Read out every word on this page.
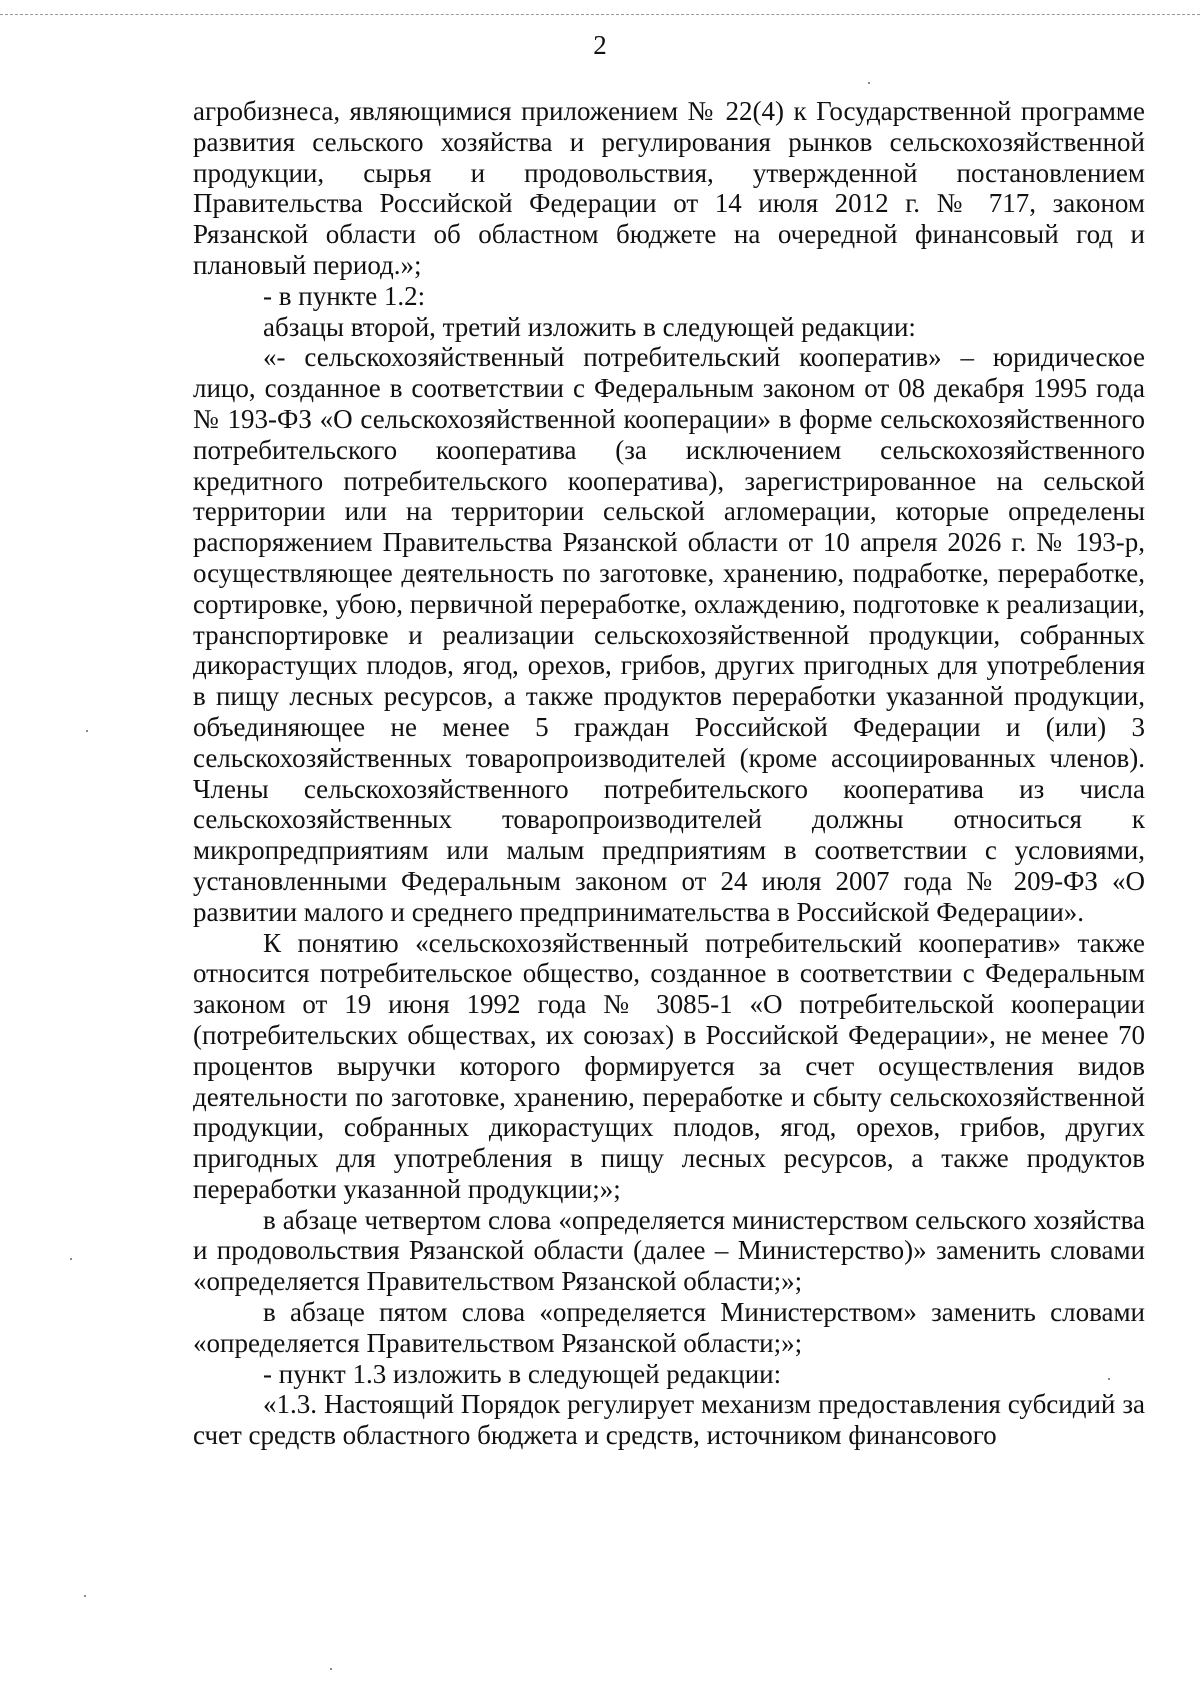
2

агробизнеса, являющимися приложением № 22(4) к Государственной программе развития сельского хозяйства и регулирования рынков сельскохозяйственной продукции, сырья и продовольствия, утвержденной постановлением Правительства Российской Федерации от 14 июля 2012 г. № 717, законом Рязанской области об областном бюджете на очередной финансовый год и плановый период.»;

- в пункте 1.2:

абзацы второй, третий изложить в следующей редакции:

«- сельскохозяйственный потребительский кооператив» – юридическое лицо, созданное в соответствии с Федеральным законом от 08 декабря 1995 года № 193-ФЗ «О сельскохозяйственной кооперации» в форме сельскохозяйственного потребительского кооператива (за исключением сельскохозяйственного кредитного потребительского кооператива), зарегистрированное на сельской территории или на территории сельской агломерации, которые определены распоряжением Правительства Рязанской области от 10 апреля 2026 г. № 193-р, осуществляющее деятельность по заготовке, хранению, подработке, переработке, сортировке, убою, первичной переработке, охлаждению, подготовке к реализации, транспортировке и реализации сельскохозяйственной продукции, собранных дикорастущих плодов, ягод, орехов, грибов, других пригодных для употребления в пищу лесных ресурсов, а также продуктов переработки указанной продукции, объединяющее не менее 5 граждан Российской Федерации и (или) 3 сельскохозяйственных товаропроизводителей (кроме ассоциированных членов). Члены сельскохозяйственного потребительского кооператива из числа сельскохозяйственных товаропроизводителей должны относиться к микропредприятиям или малым предприятиям в соответствии с условиями, установленными Федеральным законом от 24 июля 2007 года № 209-ФЗ «О развитии малого и среднего предпринимательства в Российской Федерации».

К понятию «сельскохозяйственный потребительский кооператив» также относится потребительское общество, созданное в соответствии с Федеральным законом от 19 июня 1992 года № 3085-1 «О потребительской кооперации (потребительских обществах, их союзах) в Российской Федерации», не менее 70 процентов выручки которого формируется за счет осуществления видов деятельности по заготовке, хранению, переработке и сбыту сельскохозяйственной продукции, собранных дикорастущих плодов, ягод, орехов, грибов, других пригодных для употребления в пищу лесных ресурсов, а также продуктов переработки указанной продукции;»;

в абзаце четвертом слова «определяется министерством сельского хозяйства и продовольствия Рязанской области (далее – Министерство)» заменить словами «определяется Правительством Рязанской области;»;

в абзаце пятом слова «определяется Министерством» заменить словами «определяется Правительством Рязанской области;»;

- пункт 1.3 изложить в следующей редакции:

«1.3. Настоящий Порядок регулирует механизм предоставления субсидий за счет средств областного бюджета и средств, источником финансового
